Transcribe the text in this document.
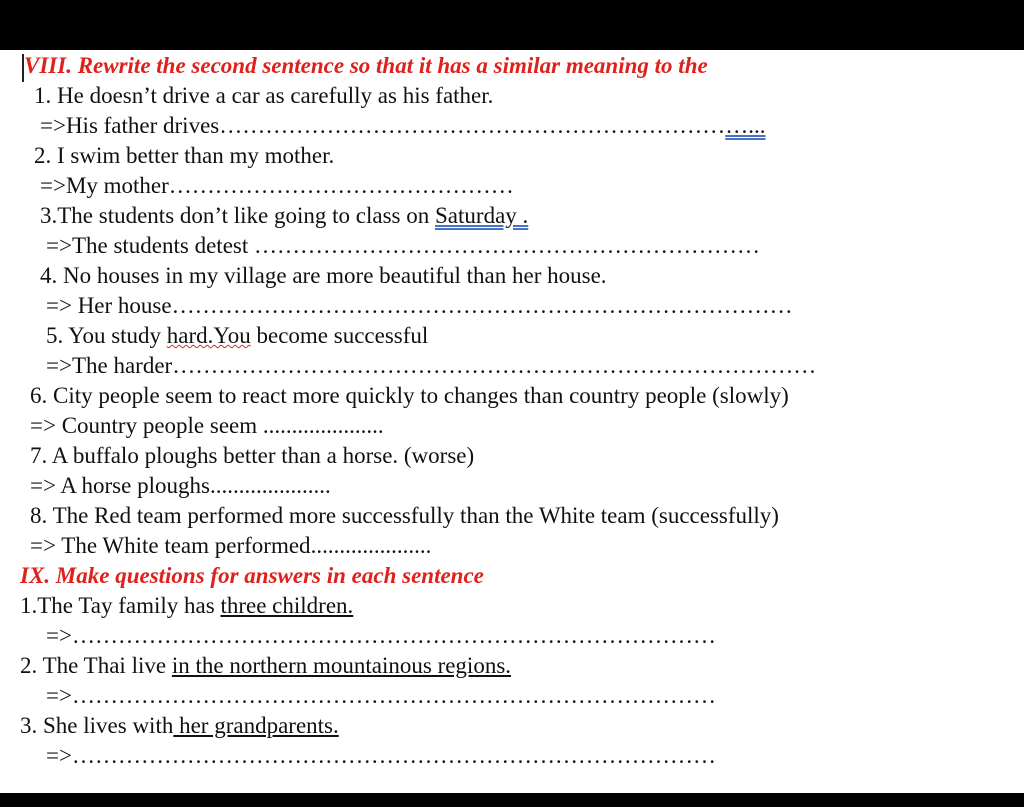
VIII. Rewrite the second sentence so that it has a similar meaning to the
1. He doesn’t drive a car as carefully as his father.
=>His father drives……………………………………………………………...
2. I swim better than my mother.
=>My mother………………………………………
3.The students don’t like going to class on Saturday .
=>The students detest …………………………………………………………
4. No houses in my village are more beautiful than her house.
=> Her house………………………………………………………………………
5. You study hard.You become successful
=>The harder…………………………………………………………………………
6. City people seem to react more quickly to changes than country people (slowly)
=> Country people seem .....................
7. A buffalo ploughs better than a horse. (worse)
=> A horse ploughs.....................
8. The Red team performed more successfully than the White team (successfully)
=> The White team performed.....................
IX. Make questions for answers in each sentence
1.The Tay family has three children.
=>…………………………………………………………………………
2. The Thai live in the northern mountainous regions.
=>…………………………………………………………………………
3. She lives with her grandparents.
=>…………………………………………………………………………
